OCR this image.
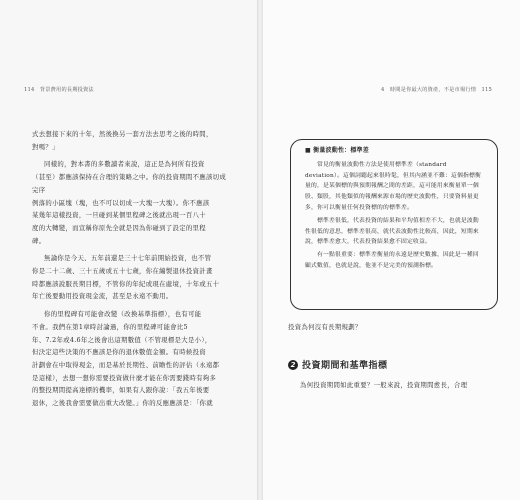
114　背景費用的長期投資法	4　時間是你最大的資產，不是市場行情　115

式去想接下來的十年，然後換另一套方法去思考之後的時間，

對嗎？」

同樣的，對本書的多數讀者來說，這正是為何所有投資

（甚至）都應該保持在合理的策略之中。你的投資期間不應該切成完序

例落的小區塊（塊，也不可以切成一大塊一大塊）。你不應該

某幾年這樣投資，一旦碰到某個里程碑之後就出現一百八十

度的大轉變，而宣稱你原先全就是因為你碰到了設定的里程

碑。

無論你是今天、五年前還是三十七年前開始投資，也不管

你是二十二歲、三十五歲或五十七歲，你在編製退休投資計畫

時都應該說服長期目標，不管你的年紀或現在處境，十年或五十

年亡後要動用投資現金流，甚至是永遠不動用。

你的里程碑有可能會改變（改換基準指標），也有可能

不會。我們在第1章時討論過，你的里程碑可能會比5

年、7.2年或4.6年之後會出這期數值（不管現標是大是小），

但決定這些決策的不應該是你的退休數值金額。有時候投資

計劃會在中取得現金，而是基於長期性、前瞻性的評估（永遠都

是這樣），去想一想你需要投資做什麼才能在你需要錢時有夠多

的整投期間提高達標的機率，如果有人跟你說：「我五年後要

退休，之後我會需要做出重大改變。」你的反應應該是：「你就

■ 衡量波動性：標準差

常見的衡量波動性方法是使用標準差（standard deviation）。這個詞聽起來很時髦，但其內涵並不難：這個指標衡量的，是某個標的與預期報酬之間的差距，這可能用來衡量單一個股、類股，其他類似的報酬來源市場的歷史波動性，只要資料量更多，你可以衡量任何投資標的的標準差。

標準差很低，代表投資的結果和平均值相差不大，也就是波動性很低的意思，標準差很高，就代表波動性比較高，因此，短期來說，標準差愈大，代表投資結果愈不固定收益。

有一點很重要：標準差衡量的永遠是歷史數據，因此是一種回顧式數值，也就是說，他並不是完美的預測指標。

投資為何沒有長期規劃？
2 投資期間和基準指標
為何投資期間如此重要？一般來說，投資期間愈長，合理
